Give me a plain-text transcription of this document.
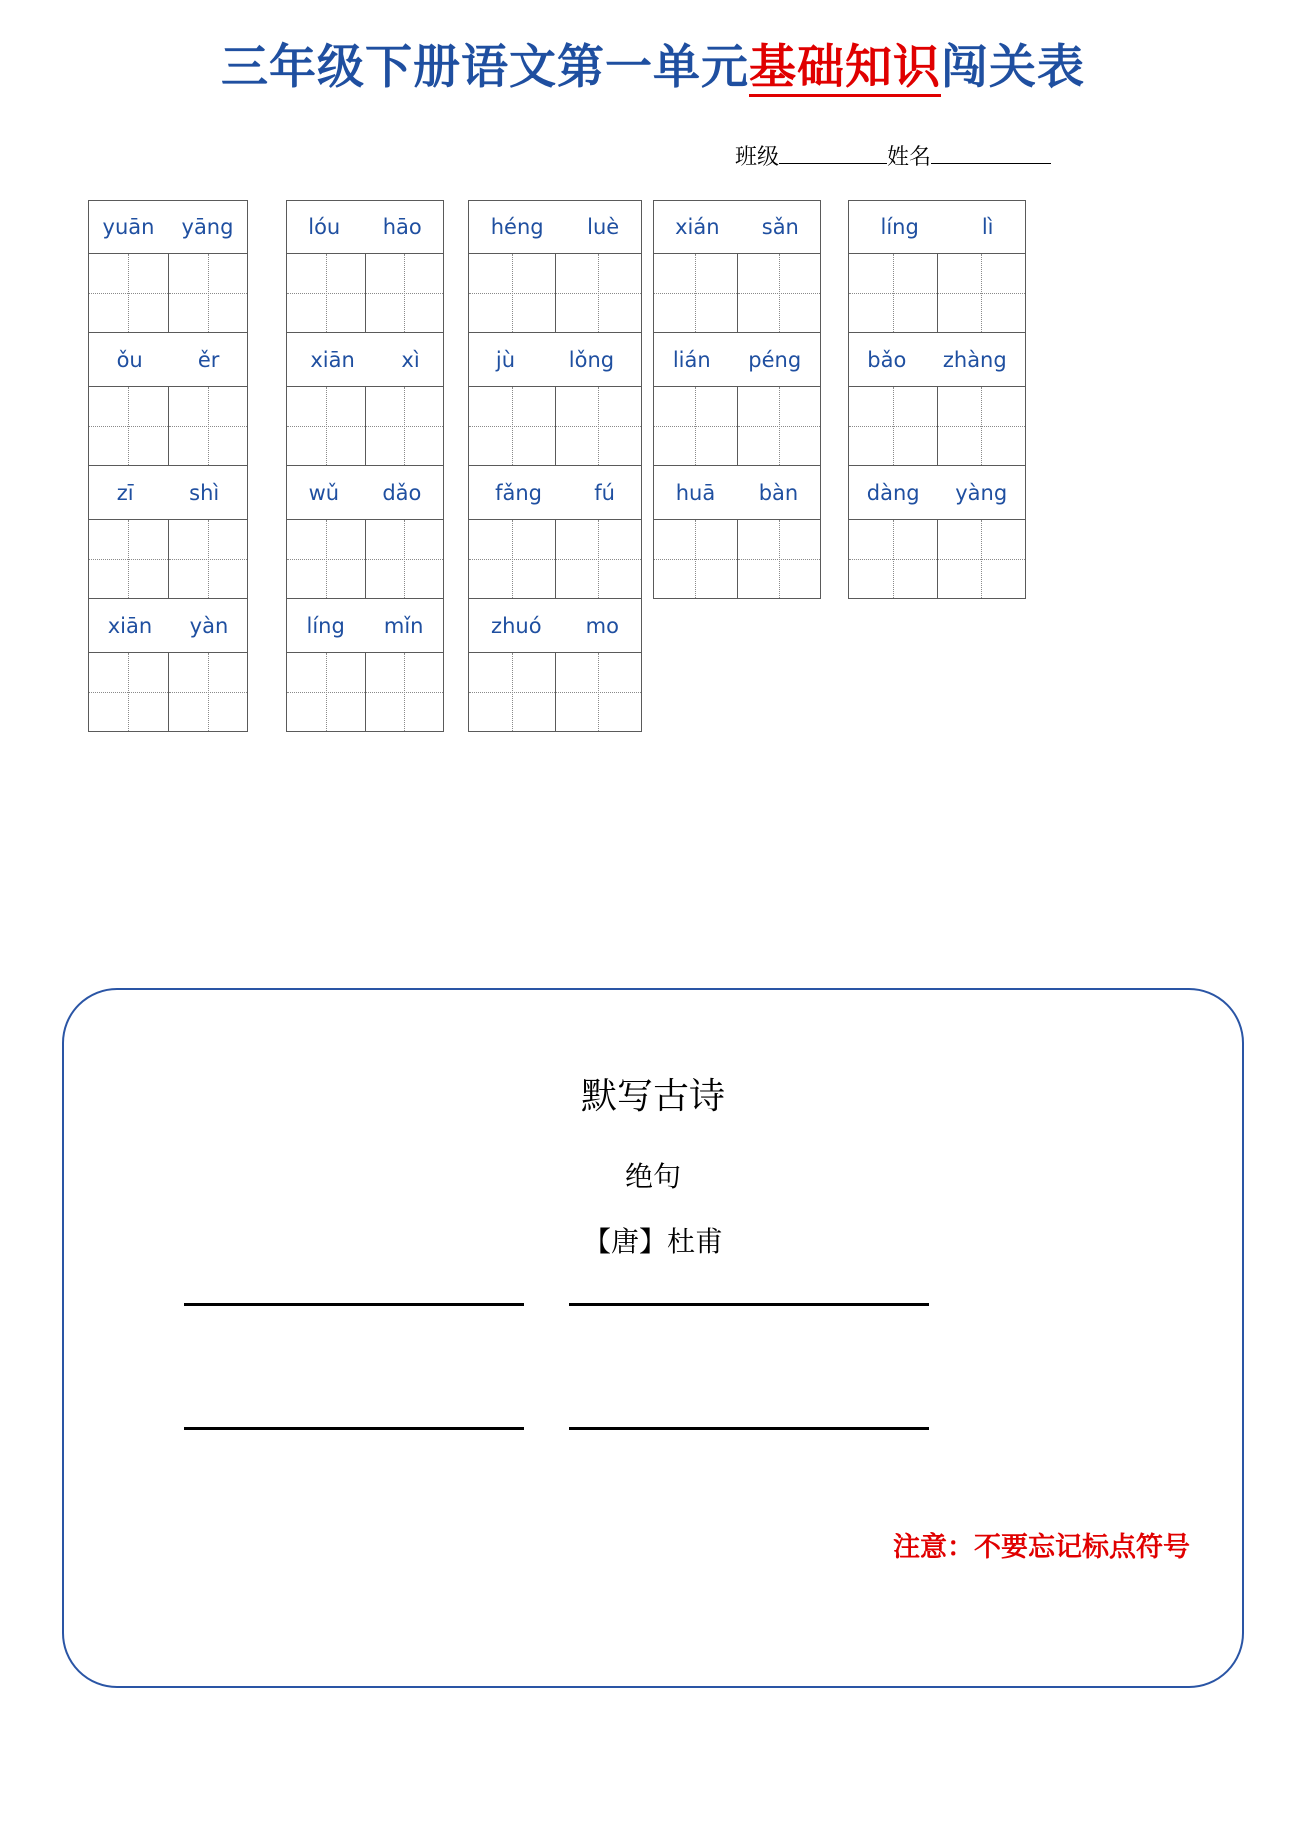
三年级下册语文第一单元基础知识闯关表
班级	姓名
yuān yāng
ǒu	ěr
zī	shì
xiān yàn
lóu hāo
xiān xì
wǔ dǎo
líng mǐn
héng luè
jù	lǒng
fǎng fú
zhuó mo
xián sǎn
lián péng
huā bàn
líng	lì
bǎo zhàng
dàng yàng
默写古诗
绝句
【唐】杜甫
注意：不要忘记标点符号
